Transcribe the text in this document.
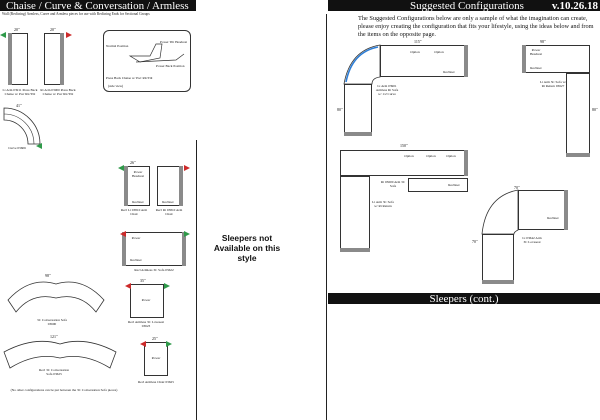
Chaise / Curve & Conversation / Armless	Suggested Configurations	v.10.26.18
Wall (Reclining) Armless, Curve and Armless pieces for use with Reclining Ends for Sectional Groups
The Suggested Configurations below are only a sample of what the imagination can create, please enjoy creating the configuration that fits your lifestyle, using the ideas below and from the items on the opposite page.
Sleepers not Available on this style
Sleepers (cont.)
20"
Lt Arm 03911 Press Back Chaise w/ Pwr Rlr/Tilt
20"
Rt Arm 03900 Press Back Chaise w/ Pwr Rlr/Tilt
Normal Position
Power Tilt Headrest
Power Back Position
Press Back Chaise w/ Pwr Rlr/Tilt
(side view)
41"
Curve 03606
98"
3C Conversation Sofa 03600
121"
Recl 3C Conversation Sofa 03625
(No other configurations can be put between the 3C Conversation Sofa pieces)
26"
Power Headrest
Recliner
Recl Lt 03810 Arm Chair
Recliner
Recl Rt 03810 Arm Chair
Power
Recliner
Recl Armless 3C Sofa 03622
35"
Power
Recl Armless 3C Loveseat 03623
25"
Power
Recl Armless Chair 03625
115"
80"
Option	Option
Recliner
Lt Arm 03901 Armless Rt Sofa w/ 1/2 Curve
98"
80"
Power Headrest
Recliner
Lt Arm 3C Sofa w/ Rt Return 03627
150"
Option	Option	Option
Rt 03600 Arm 3C Sofa
Lt Arm 3C Sofa w/ Rt Return
Recliner	70"
70"
Recliner
Lt 03642 Arm 3C Loveseat
